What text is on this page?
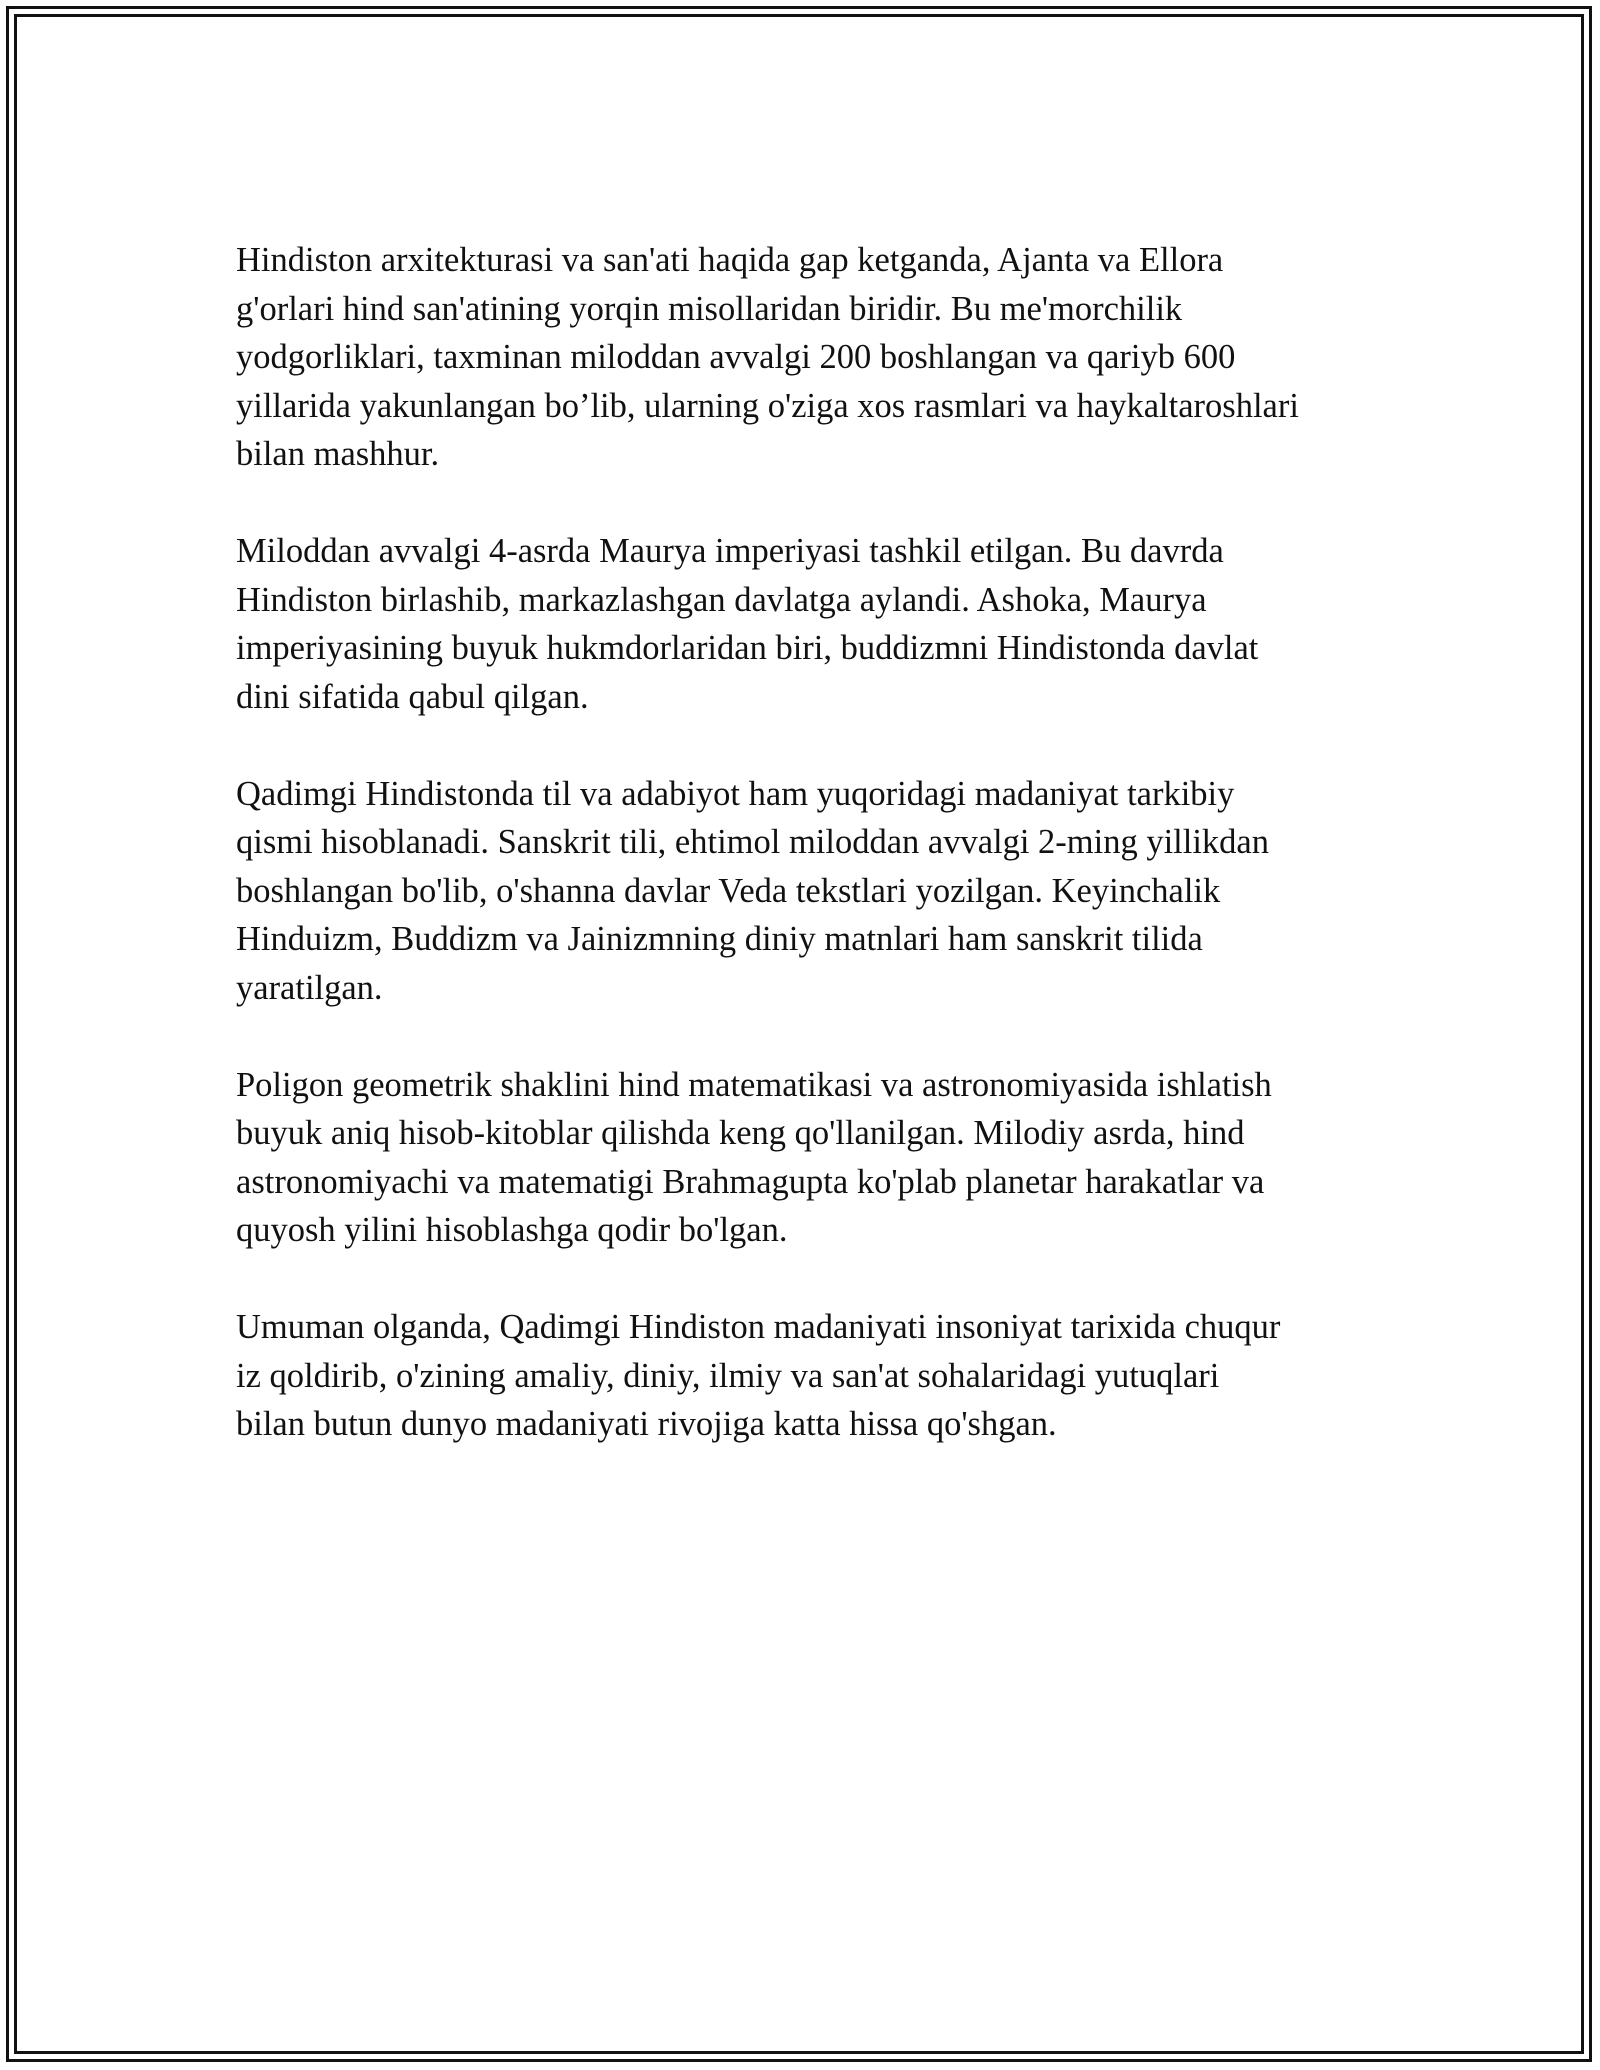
Hindiston arxitekturasi va san'ati haqida gap ketganda, Ajanta va Ellora
g'orlari hind san'atining yorqin misollaridan biridir. Bu me'morchilik
yodgorliklari, taxminan miloddan avvalgi 200 boshlangan va qariyb 600
yillarida yakunlangan bo’lib, ularning o'ziga xos rasmlari va haykaltaroshlari
bilan mashhur.

Miloddan avvalgi 4-asrda Maurya imperiyasi tashkil etilgan. Bu davrda
Hindiston birlashib, markazlashgan davlatga aylandi. Ashoka, Maurya
imperiyasining buyuk hukmdorlaridan biri, buddizmni Hindistonda davlat
dini sifatida qabul qilgan.

Qadimgi Hindistonda til va adabiyot ham yuqoridagi madaniyat tarkibiy
qismi hisoblanadi. Sanskrit tili, ehtimol miloddan avvalgi 2-ming yillikdan
boshlangan bo'lib, o'shanna davlar Veda tekstlari yozilgan. Keyinchalik
Hinduizm, Buddizm va Jainizmning diniy matnlari ham sanskrit tilida
yaratilgan.

Poligon geometrik shaklini hind matematikasi va astronomiyasida ishlatish
buyuk aniq hisob-kitoblar qilishda keng qo'llanilgan. Milodiy asrda, hind
astronomiyachi va matematigi Brahmagupta ko'plab planetar harakatlar va
quyosh yilini hisoblashga qodir bo'lgan.

Umuman olganda, Qadimgi Hindiston madaniyati insoniyat tarixida chuqur
iz qoldirib, o'zining amaliy, diniy, ilmiy va san'at sohalaridagi yutuqlari
bilan butun dunyo madaniyati rivojiga katta hissa qo'shgan.
